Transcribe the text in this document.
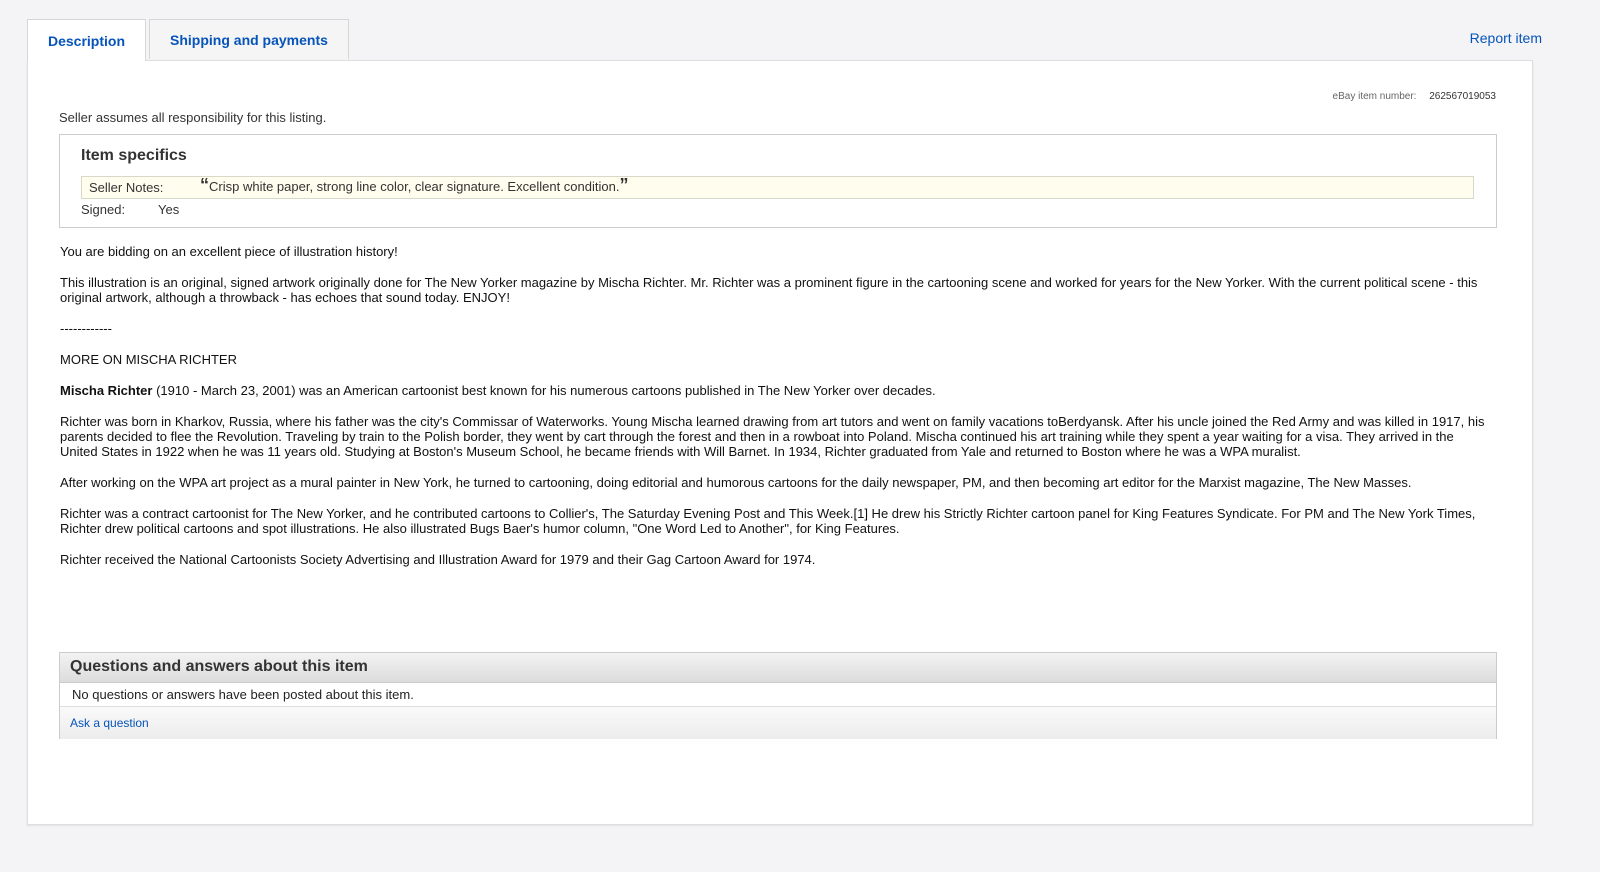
Description	Shipping and payments	Report item
eBay item number: 262567019053
Seller assumes all responsibility for this listing.
Item specifics
Seller Notes: “Crisp white paper, strong line color, clear signature. Excellent condition.”
Signed:	Yes

You are bidding on an excellent piece of illustration history!

This illustration is an original, signed artwork originally done for The New Yorker magazine by Mischa Richter. Mr. Richter was a prominent figure in the cartooning scene and worked for years for the New Yorker. With the current political scene - this original artwork, although a throwback - has echoes that sound today. ENJOY!

------------

MORE ON MISCHA RICHTER

Mischa Richter (1910 - March 23, 2001) was an American cartoonist best known for his numerous cartoons published in The New Yorker over decades.

Richter was born in Kharkov, Russia, where his father was the city's Commissar of Waterworks. Young Mischa learned drawing from art tutors and went on family vacations toBerdyansk. After his uncle joined the Red Army and was killed in 1917, his parents decided to flee the Revolution. Traveling by train to the Polish border, they went by cart through the forest and then in a rowboat into Poland. Mischa continued his art training while they spent a year waiting for a visa. They arrived in the United States in 1922 when he was 11 years old. Studying at Boston's Museum School, he became friends with Will Barnet. In 1934, Richter graduated from Yale and returned to Boston where he was a WPA muralist.

After working on the WPA art project as a mural painter in New York, he turned to cartooning, doing editorial and humorous cartoons for the daily newspaper, PM, and then becoming art editor for the Marxist magazine, The New Masses.

Richter was a contract cartoonist for The New Yorker, and he contributed cartoons to Collier's, The Saturday Evening Post and This Week.[1] He drew his Strictly Richter cartoon panel for King Features Syndicate. For PM and The New York Times, Richter drew political cartoons and spot illustrations. He also illustrated Bugs Baer's humor column, "One Word Led to Another", for King Features.

Richter received the National Cartoonists Society Advertising and Illustration Award for 1979 and their Gag Cartoon Award for 1974.

Questions and answers about this item
No questions or answers have been posted about this item.
Ask a question
